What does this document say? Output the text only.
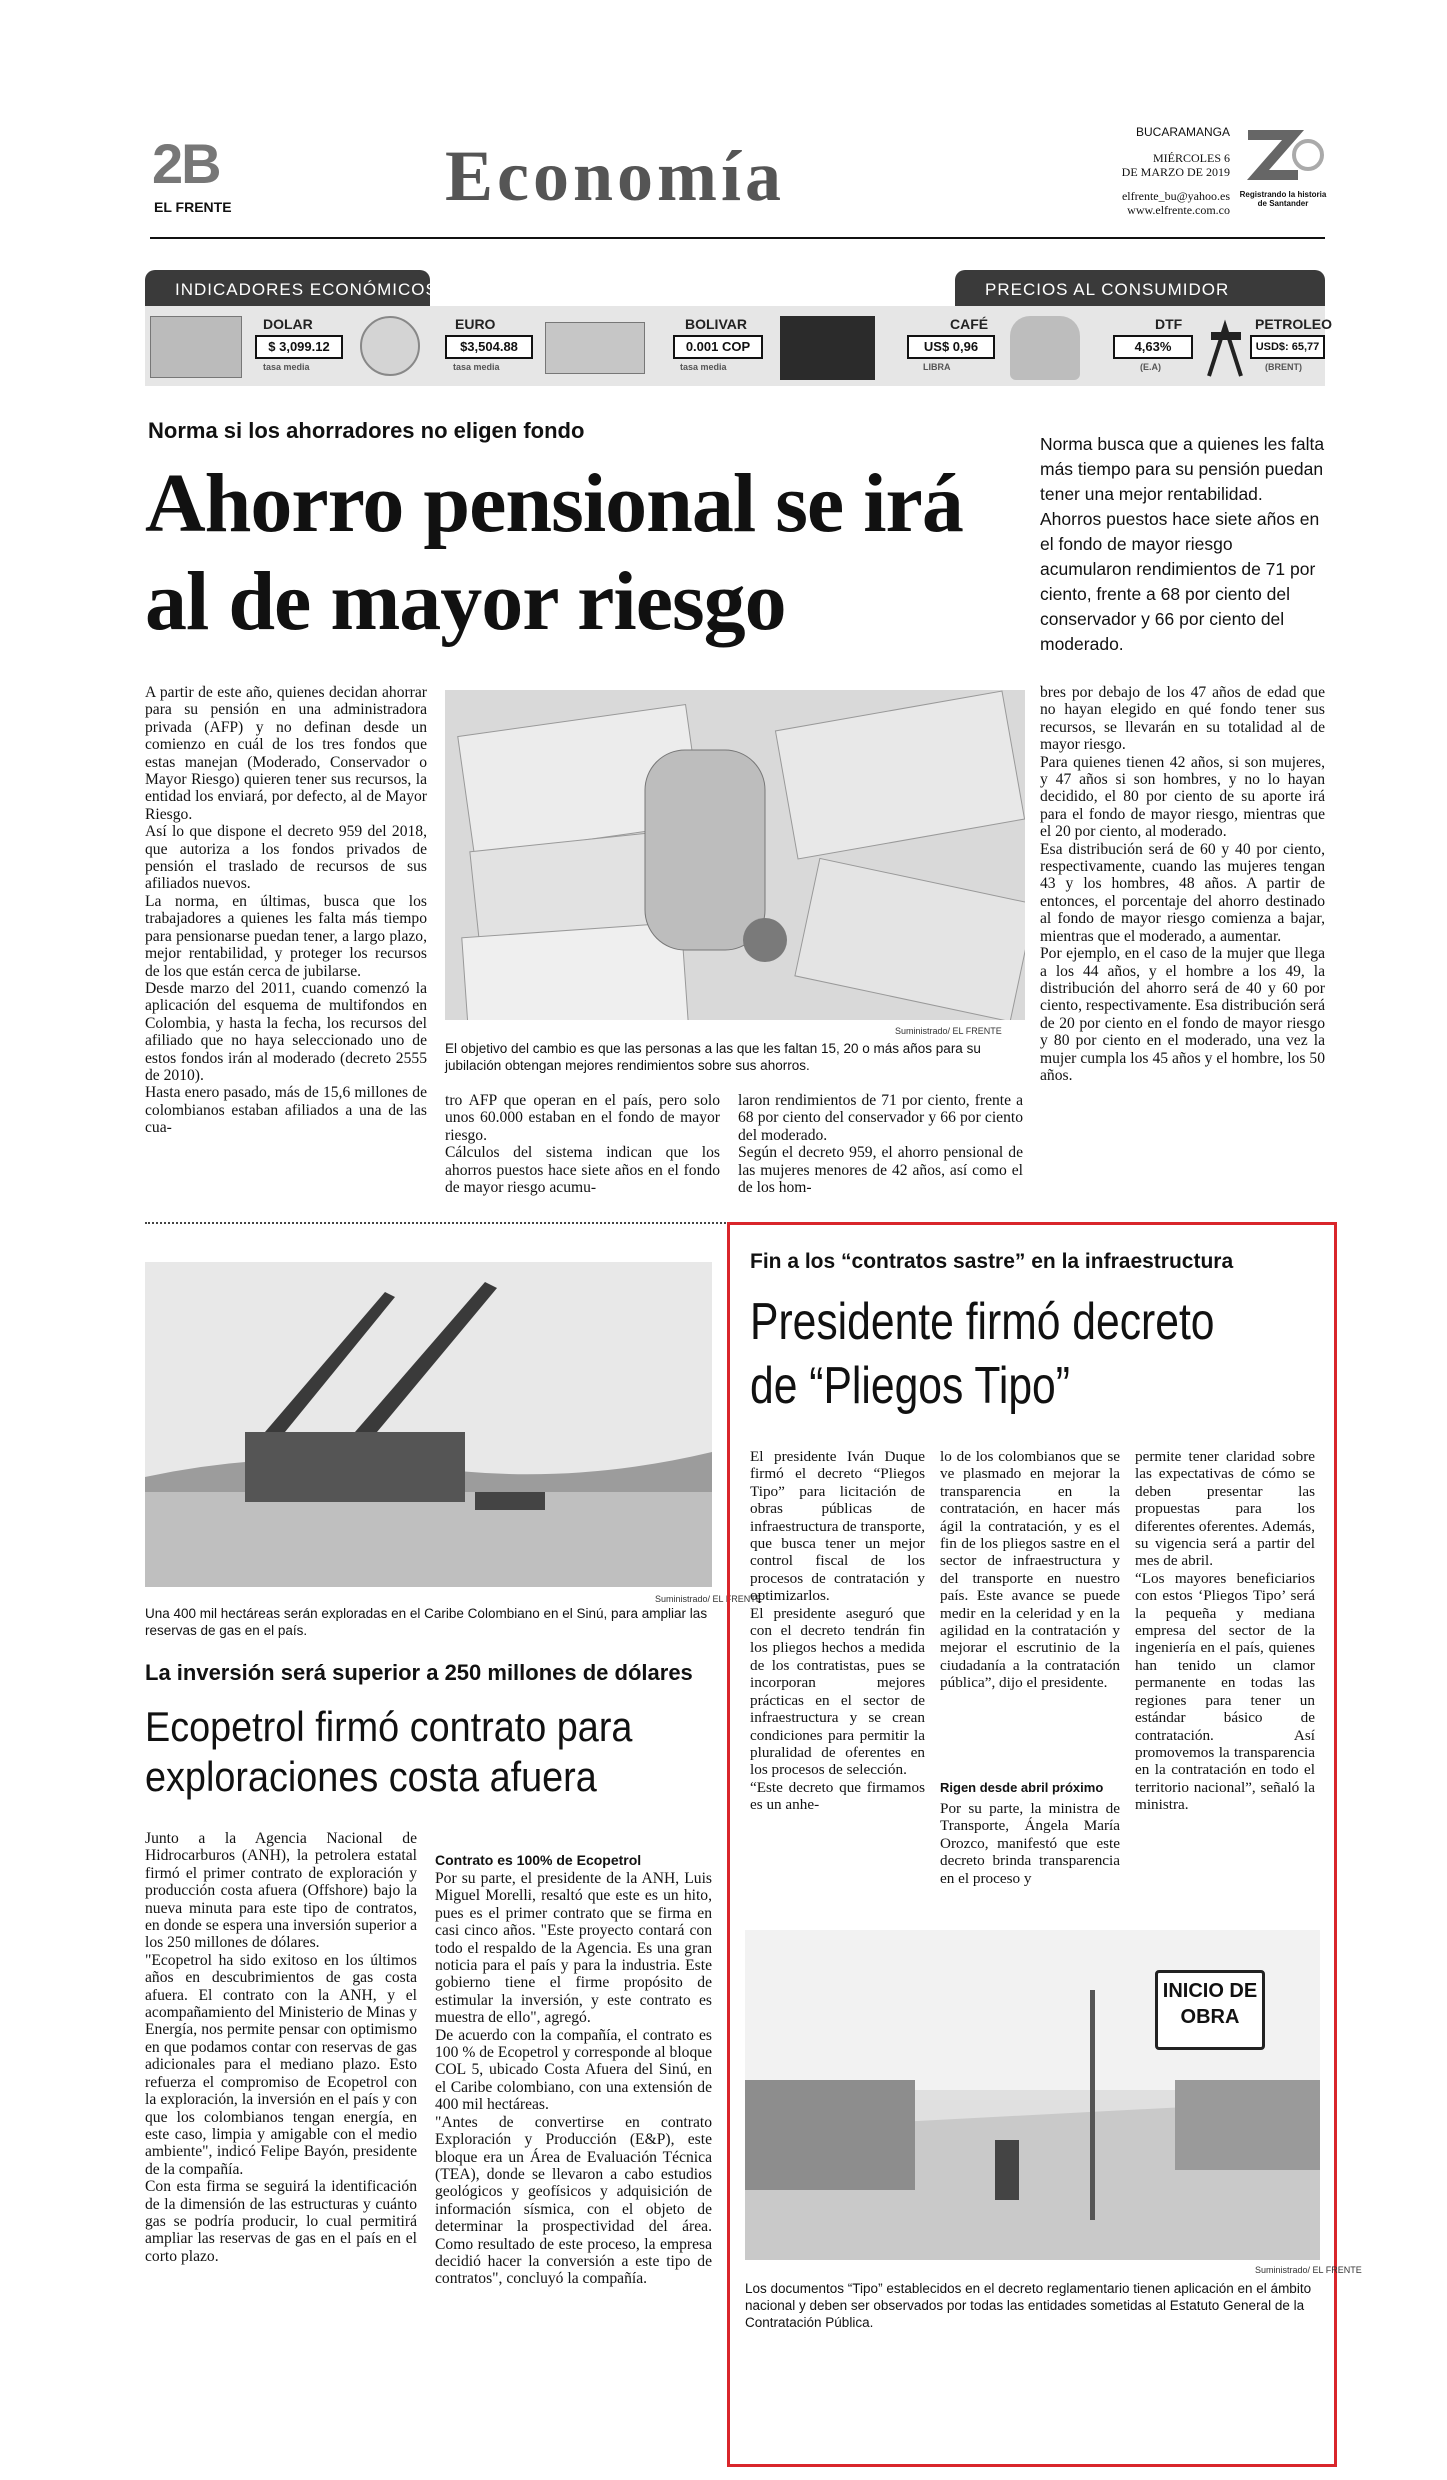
2B
EL FRENTE	Economía
BUCARAMANGA
MIÉRCOLES 6
DE MARZO DE 2019
elfrente_bu@yahoo.es
www.elfrente.com.co
Registrando la historia
de Santander
INDICADORES ECONÓMICOS	PRECIOS AL CONSUMIDOR
DOLAR
$ 3,099.12
tasa media
EURO
$3,504.88
tasa media
BOLIVAR
0.001 COP
tasa media
CAFÉ
US$ 0,96
LIBRA
DTF
4,63%
(E.A)
PETROLEO
USD$: 65,77
(BRENT)
Norma si los ahorradores no eligen fondo
Ahorro pensional se irá al de mayor riesgo
Norma busca que a quienes les falta más tiempo para su pensión puedan tener una mejor rentabilidad. Ahorros puestos hace siete años en el fondo de mayor riesgo acumularon rendimientos de 71 por ciento, frente a 68 por ciento del conservador y 66 por ciento del moderado.
A partir de este año, quienes decidan ahorrar para su pensión en una administradora privada (AFP) y no definan desde un comienzo en cuál de los tres fondos que estas manejan (Moderado, Conservador o Mayor Riesgo) quieren tener sus recursos, la entidad los enviará, por defecto, al de Mayor Riesgo.
Así lo que dispone el decreto 959 del 2018, que autoriza a los fondos privados de pensión el traslado de recursos de sus afiliados nuevos.
La norma, en últimas, busca que los trabajadores a quienes les falta más tiempo para pensionarse puedan tener, a largo plazo, mejor rentabilidad, y proteger los recursos de los que están cerca de jubilarse.
Desde marzo del 2011, cuando comenzó la aplicación del esquema de multifondos en Colombia, y hasta la fecha, los recursos del afiliado que no haya seleccionado uno de estos fondos irán al moderado (decreto 2555 de 2010).
Hasta enero pasado, más de 15,6 millones de colombianos estaban afiliados a una de las cua-
Suministrado/ EL FRENTE
El objetivo del cambio es que las personas a las que les faltan 15, 20 o más años para su jubilación obtengan mejores rendimientos sobre sus ahorros.
tro AFP que operan en el país, pero solo unos 60.000 estaban en el fondo de mayor riesgo.
Cálculos del sistema indican que los ahorros puestos hace siete años en el fondo de mayor riesgo acumu-
laron rendimientos de 71 por ciento, frente a 68 por ciento del conservador y 66 por ciento del moderado.
Según el decreto 959, el ahorro pensional de las mujeres menores de 42 años, así como el de los hom-
bres por debajo de los 47 años de edad que no hayan elegido en qué fondo tener sus recursos, se llevarán en su totalidad al de mayor riesgo.
Para quienes tienen 42 años, si son mujeres, y 47 años si son hombres, y no lo hayan decidido, el 80 por ciento de su aporte irá para el fondo de mayor riesgo, mientras que el 20 por ciento, al moderado.
Esa distribución será de 60 y 40 por ciento, respectivamente, cuando las mujeres tengan 43 y los hombres, 48 años. A partir de entonces, el porcentaje del ahorro destinado al fondo de mayor riesgo comienza a bajar, mientras que el moderado, a aumentar.
Por ejemplo, en el caso de la mujer que llega a los 44 años, y el hombre a los 49, la distribución del ahorro será de 40 y 60 por ciento, respectivamente. Esa distribución será de 20 por ciento en el fondo de mayor riesgo y 80 por ciento en el moderado, una vez la mujer cumpla los 45 años y el hombre, los 50 años.
Suministrado/ EL FRENTE
Una 400 mil hectáreas serán exploradas en el Caribe Colombiano en el Sinú, para ampliar las reservas de gas en el país.
La inversión será superior a 250 millones de dólares
Ecopetrol firmó contrato para exploraciones costa afuera
Junto a la Agencia Nacional de Hidrocarburos (ANH), la petrolera estatal firmó el primer contrato de exploración y producción costa afuera (Offshore) bajo la nueva minuta para este tipo de contratos, en donde se espera una inversión superior a los 250 millones de dólares.
"Ecopetrol ha sido exitoso en los últimos años en descubrimientos de gas costa afuera. El contrato con la ANH, y el acompañamiento del Ministerio de Minas y Energía, nos permite pensar con optimismo en que podamos contar con reservas de gas adicionales para el mediano plazo. Esto refuerza el compromiso de Ecopetrol con la exploración, la inversión en el país y con que los colombianos tengan energía, en este caso, limpia y amigable con el medio ambiente", indicó Felipe Bayón, presidente de la compañía.
Con esta firma se seguirá la identificación de la dimensión de las estructuras y cuánto gas se podría producir, lo cual permitirá ampliar las reservas de gas en el país en el corto plazo.
Contrato es 100% de Ecopetrol
Por su parte, el presidente de la ANH, Luis Miguel Morelli, resaltó que este es un hito, pues es el primer contrato que se firma en casi cinco años. "Este proyecto contará con todo el respaldo de la Agencia. Es una gran noticia para el país y para la industria. Este gobierno tiene el firme propósito de estimular la inversión, y este contrato es muestra de ello", agregó.
De acuerdo con la compañía, el contrato es 100 % de Ecopetrol y corresponde al bloque COL 5, ubicado Costa Afuera del Sinú, en el Caribe colombiano, con una extensión de 400 mil hectáreas.
"Antes de convertirse en contrato Exploración y Producción (E&P), este bloque era un Área de Evaluación Técnica (TEA), donde se llevaron a cabo estudios geológicos y geofísicos y adquisición de información sísmica, con el objeto de determinar la prospectividad del área. Como resultado de este proceso, la empresa decidió hacer la conversión a este tipo de contratos", concluyó la compañía.
Fin a los “contratos sastre” en la infraestructura
Presidente firmó decreto de “Pliegos Tipo”
El presidente Iván Duque firmó el decreto “Pliegos Tipo” para licitación de obras públicas de infraestructura de transporte, que busca tener un mejor control fiscal de los procesos de contratación y optimizarlos.
El presidente aseguró que con el decreto tendrán fin los pliegos hechos a medida de los contratistas, pues se incorporan mejores prácticas en el sector de infraestructura y se crean condiciones para permitir la pluralidad de oferentes en los procesos de selección.
“Este decreto que firmamos es un anhe-
lo de los colombianos que se ve plasmado en mejorar la transparencia en la contratación, en hacer más ágil la contratación, y es el fin de los pliegos sastre en el sector de infraestructura y del transporte en nuestro país. Este avance se puede medir en la celeridad y en la agilidad en la contratación y mejorar el escrutinio de la ciudadanía a la contratación pública”, dijo el presidente.
Rigen desde abril próximo
Por su parte, la ministra de Transporte, Ángela María Orozco, manifestó que este decreto brinda transparencia en el proceso y
permite tener claridad sobre las expectativas de cómo se deben presentar las propuestas para los diferentes oferentes. Además, su vigencia será a partir del mes de abril.
“Los mayores beneficiarios con estos ‘Pliegos Tipo’ será la pequeña y mediana empresa del sector de la ingeniería en el país, quienes han tenido un clamor permanente en todas las regiones para tener un estándar básico de contratación. Así promovemos la transparencia en la contratación en todo el territorio nacional”, señaló la ministra.
INICIO DE
OBRA
Suministrado/ EL FRENTE
Los documentos “Tipo” establecidos en el decreto reglamentario tienen aplicación en el ámbito nacional y deben ser observados por todas las entidades sometidas al Estatuto General de la Contratación Pública.
